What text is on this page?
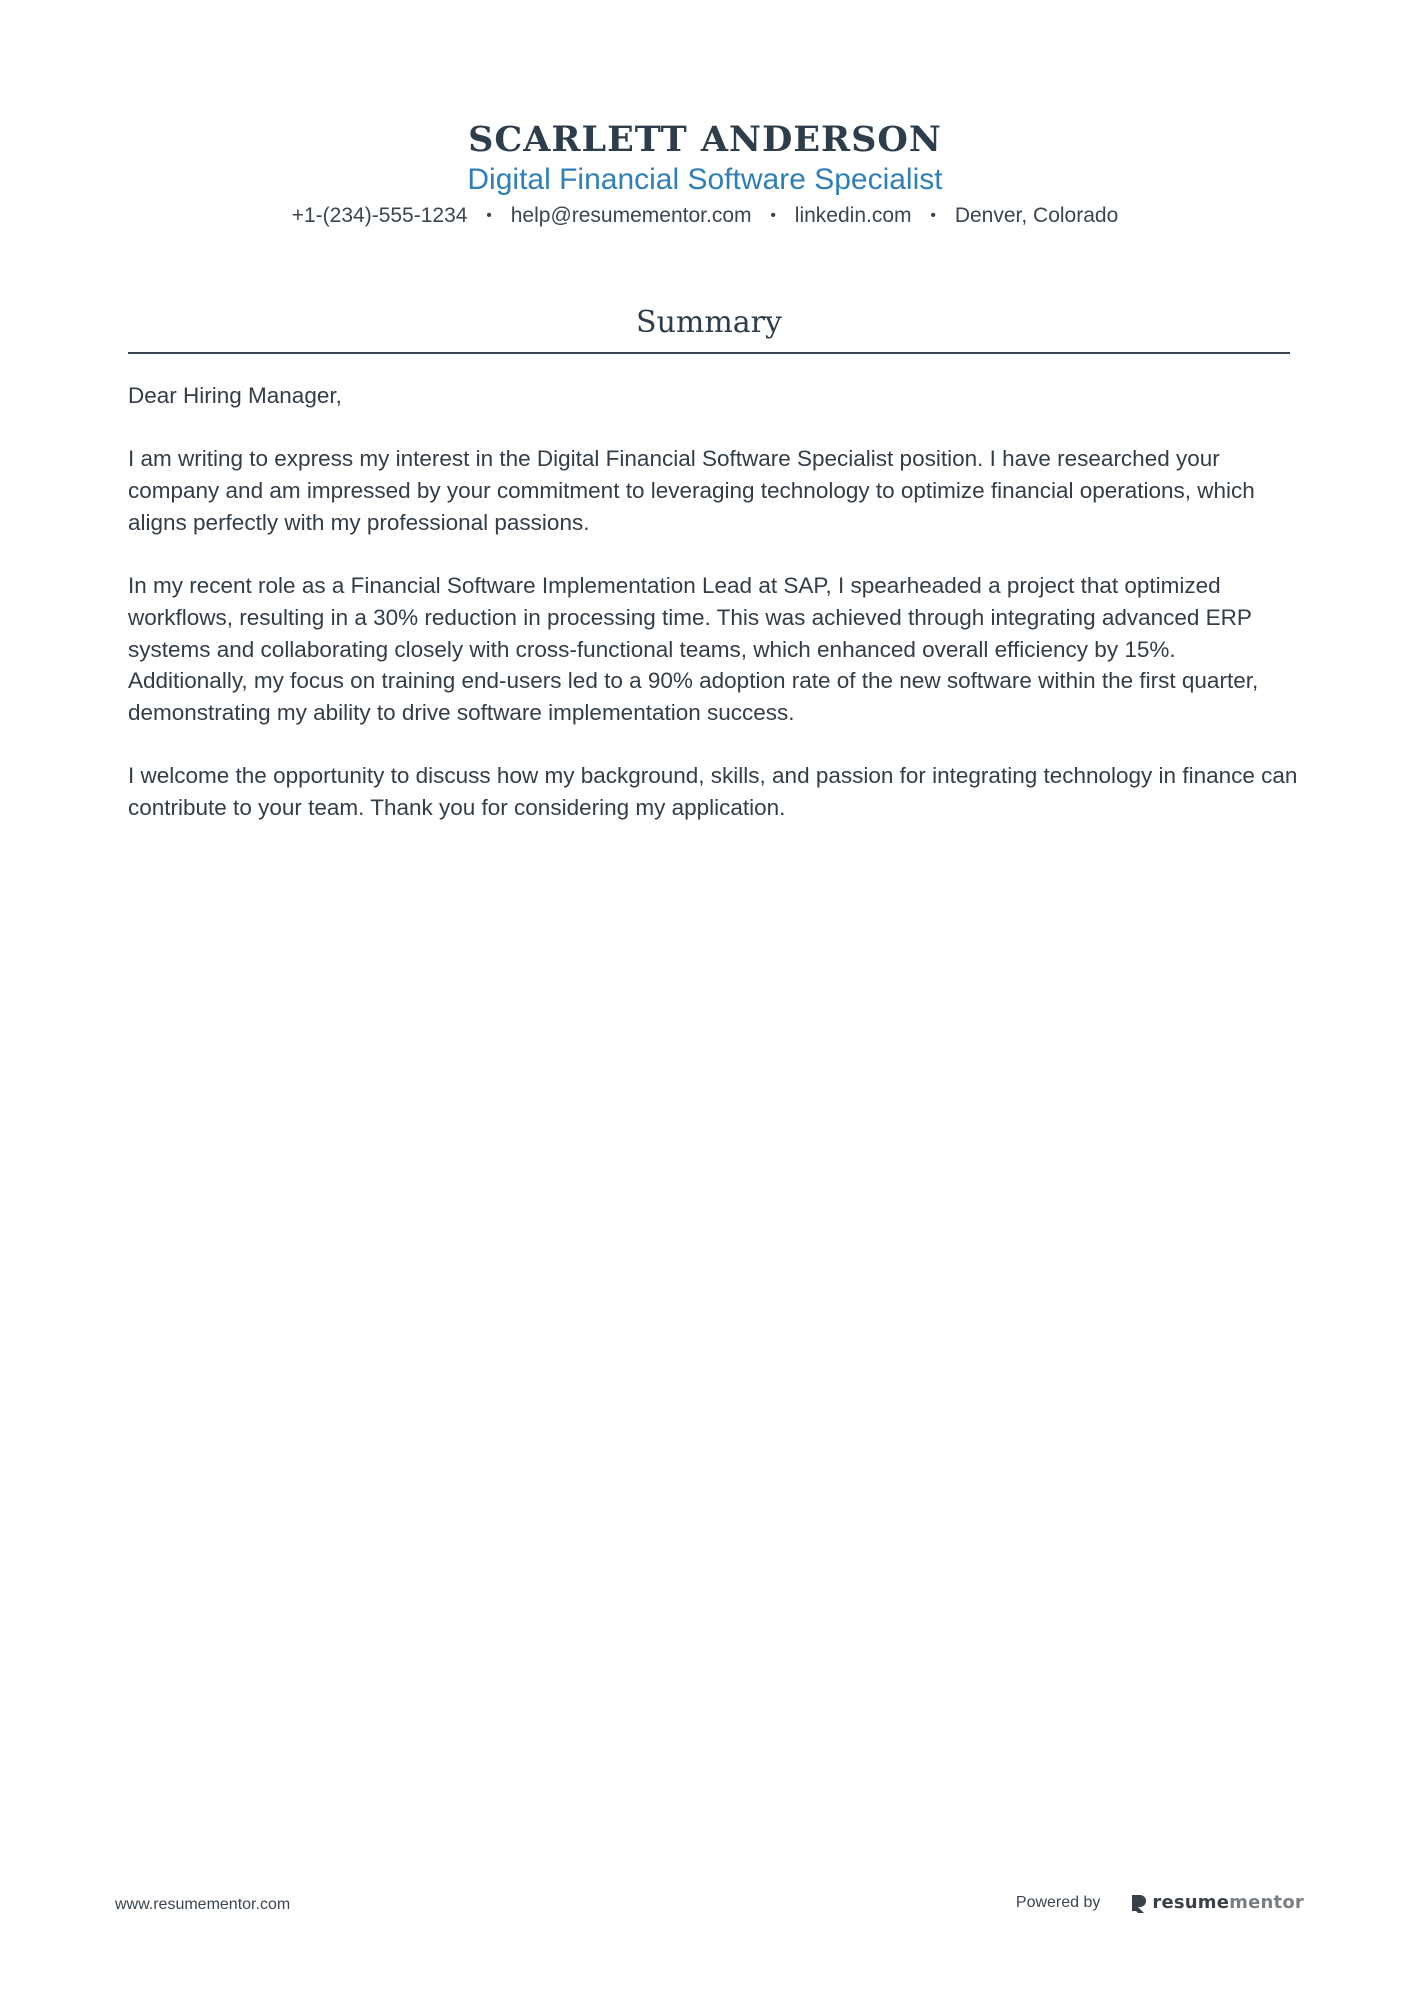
SCARLETT ANDERSON
Digital Financial Software Specialist
+1-(234)-555-1234 • help@resumementor.com • linkedin.com • Denver, Colorado
Summary

Dear Hiring Manager,

I am writing to express my interest in the Digital Financial Software Specialist position. I have researched your company and am impressed by your commitment to leveraging technology to optimize financial operations, which aligns perfectly with my professional passions.

In my recent role as a Financial Software Implementation Lead at SAP, I spearheaded a project that optimized workflows, resulting in a 30% reduction in processing time. This was achieved through integrating advanced ERP systems and collaborating closely with cross-functional teams, which enhanced overall efficiency by 15%. Additionally, my focus on training end-users led to a 90% adoption rate of the new software within the first quarter, demonstrating my ability to drive software implementation success.

I welcome the opportunity to discuss how my background, skills, and passion for integrating technology in finance can contribute to your team. Thank you for considering my application.

www.resumementor.com	Powered by	resumementor
